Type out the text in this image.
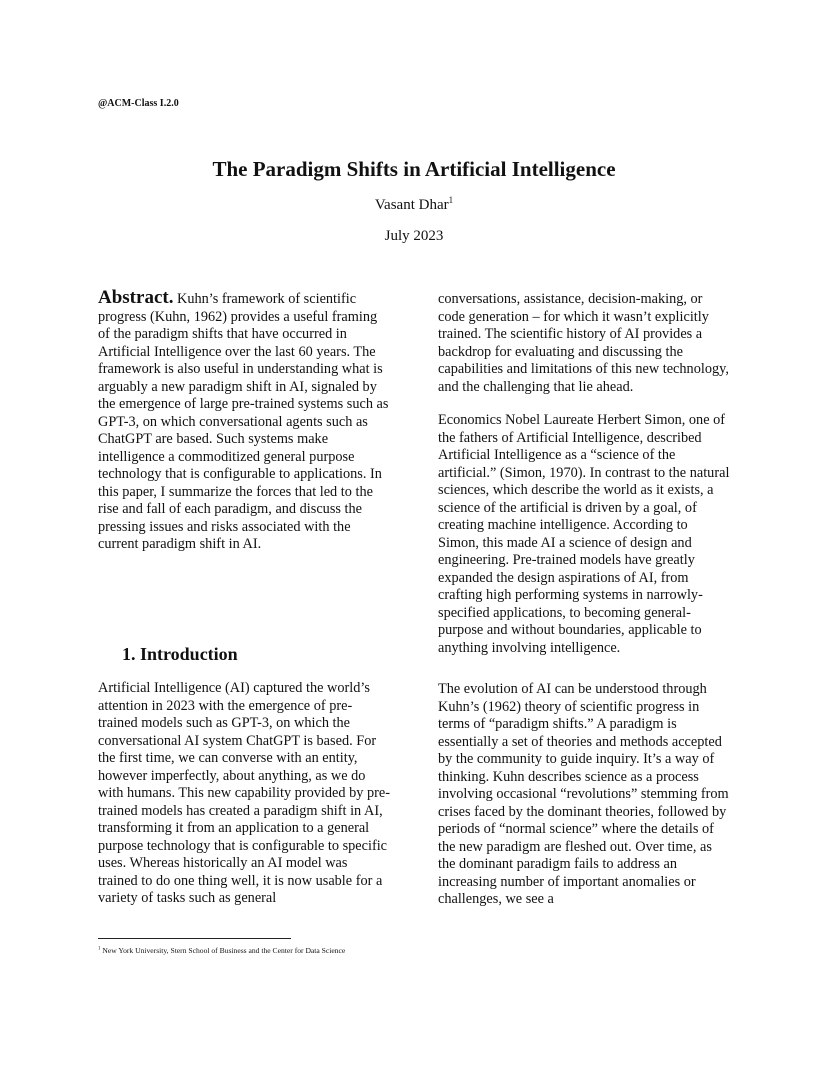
@ACM-Class I.2.0
The Paradigm Shifts in Artificial Intelligence
Vasant Dhar$^1$
July 2023

Abstract. Kuhn’s framework of scientific progress (Kuhn, 1962) provides a useful framing of the paradigm shifts that have occurred in Artificial Intelligence over the last 60 years. The framework is also useful in understanding what is arguably a new paradigm shift in AI, signaled by the emergence of large pre-trained systems such as GPT-3, on which conversational agents such as ChatGPT are based. Such systems make intelligence a commoditized general purpose technology that is configurable to applications. In this paper, I summarize the forces that led to the rise and fall of each paradigm, and discuss the pressing issues and risks associated with the current paradigm shift in AI.

1. Introduction

Artificial Intelligence (AI) captured the world’s attention in 2023 with the emergence of pre-trained models such as GPT-3, on which the conversational AI system ChatGPT is based. For the first time, we can converse with an entity, however imperfectly, about anything, as we do with humans. This new capability provided by pre-trained models has created a paradigm shift in AI, transforming it from an application to a general purpose technology that is configurable to specific uses. Whereas historically an AI model was trained to do one thing well, it is now usable for a variety of tasks such as general

conversations, assistance, decision-making, or code generation – for which it wasn’t explicitly trained. The scientific history of AI provides a backdrop for evaluating and discussing the capabilities and limitations of this new technology, and the challenging that lie ahead.

Economics Nobel Laureate Herbert Simon, one of the fathers of Artificial Intelligence, described Artificial Intelligence as a “science of the artificial.” (Simon, 1970). In contrast to the natural sciences, which describe the world as it exists, a science of the artificial is driven by a goal, of creating machine intelligence. According to Simon, this made AI a science of design and engineering. Pre-trained models have greatly expanded the design aspirations of AI, from crafting high performing systems in narrowly-specified applications, to becoming general-purpose and without boundaries, applicable to anything involving intelligence.

The evolution of AI can be understood through Kuhn’s (1962) theory of scientific progress in terms of “paradigm shifts.” A paradigm is essentially a set of theories and methods accepted by the community to guide inquiry. It’s a way of thinking. Kuhn describes science as a process involving occasional “revolutions” stemming from crises faced by the dominant theories, followed by periods of “normal science” where the details of the new paradigm are fleshed out. Over time, as the dominant paradigm fails to address an increasing number of important anomalies or challenges, we see a

$^1$ New York University, Stern School of Business and the Center for Data Science
